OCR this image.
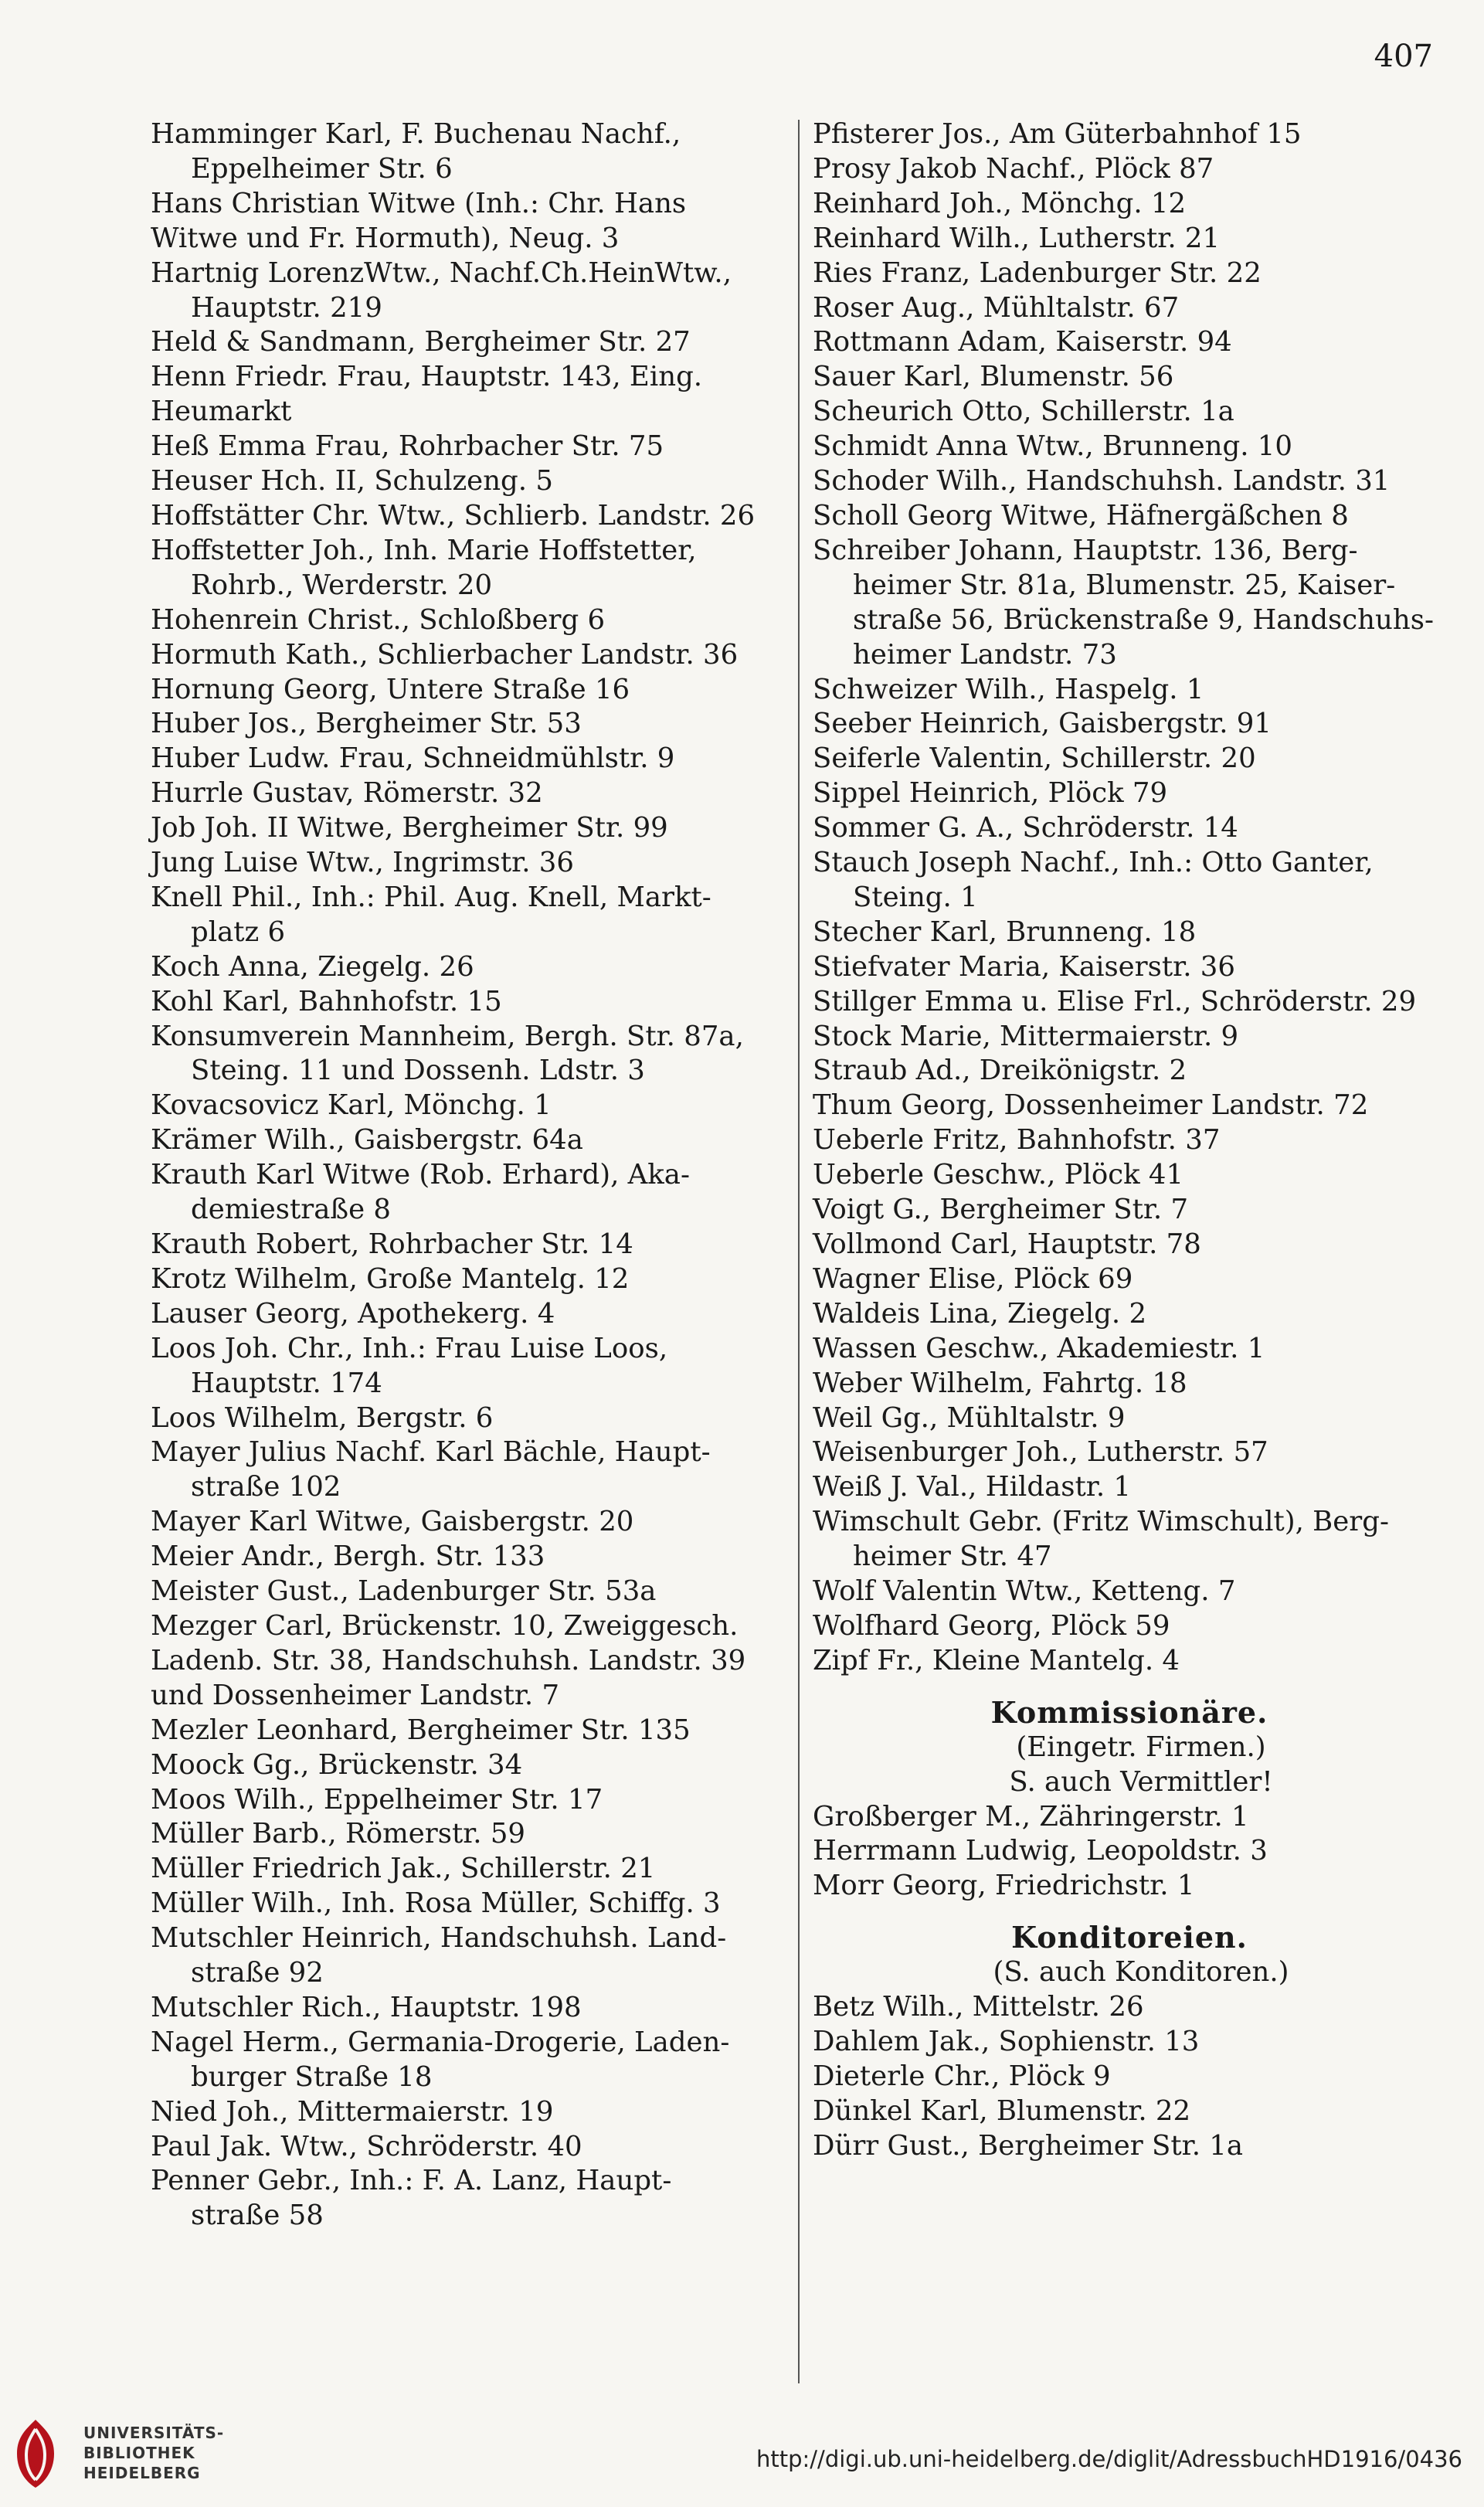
407
Hamminger Karl, F. Buchenau Nachf.,
Eppelheimer Str. 6
Hans Christian Witwe (Inh.: Chr. Hans
Witwe und Fr. Hormuth), Neug. 3
Hartnig LorenzWtw., Nachf.Ch.HeinWtw.,
Hauptstr. 219
Held & Sandmann, Bergheimer Str. 27
Henn Friedr. Frau, Hauptstr. 143, Eing.
Heumarkt
Heß Emma Frau, Rohrbacher Str. 75
Heuser Hch. II, Schulzeng. 5
Hoffstätter Chr. Wtw., Schlierb. Landstr. 26
Hoffstetter Joh., Inh. Marie Hoffstetter,
Rohrb., Werderstr. 20
Hohenrein Christ., Schloßberg 6
Hormuth Kath., Schlierbacher Landstr. 36
Hornung Georg, Untere Straße 16
Huber Jos., Bergheimer Str. 53
Huber Ludw. Frau, Schneidmühlstr. 9
Hurrle Gustav, Römerstr. 32
Job Joh. II Witwe, Bergheimer Str. 99
Jung Luise Wtw., Ingrimstr. 36
Knell Phil., Inh.: Phil. Aug. Knell, Markt-
platz 6
Koch Anna, Ziegelg. 26
Kohl Karl, Bahnhofstr. 15
Konsumverein Mannheim, Bergh. Str. 87a,
Steing. 11 und Dossenh. Ldstr. 3
Kovacsovicz Karl, Mönchg. 1
Krämer Wilh., Gaisbergstr. 64a
Krauth Karl Witwe (Rob. Erhard), Aka-
demiestraße 8
Krauth Robert, Rohrbacher Str. 14
Krotz Wilhelm, Große Mantelg. 12
Lauser Georg, Apothekerg. 4
Loos Joh. Chr., Inh.: Frau Luise Loos,
Hauptstr. 174
Loos Wilhelm, Bergstr. 6
Mayer Julius Nachf. Karl Bächle, Haupt-
straße 102
Mayer Karl Witwe, Gaisbergstr. 20
Meier Andr., Bergh. Str. 133
Meister Gust., Ladenburger Str. 53a
Mezger Carl, Brückenstr. 10, Zweiggesch.
Ladenb. Str. 38, Handschuhsh. Landstr. 39
und Dossenheimer Landstr. 7
Mezler Leonhard, Bergheimer Str. 135
Moock Gg., Brückenstr. 34
Moos Wilh., Eppelheimer Str. 17
Müller Barb., Römerstr. 59
Müller Friedrich Jak., Schillerstr. 21
Müller Wilh., Inh. Rosa Müller, Schiffg. 3
Mutschler Heinrich, Handschuhsh. Land-
straße 92
Mutschler Rich., Hauptstr. 198
Nagel Herm., Germania-Drogerie, Laden-
burger Straße 18
Nied Joh., Mittermaierstr. 19
Paul Jak. Wtw., Schröderstr. 40
Penner Gebr., Inh.: F. A. Lanz, Haupt-
straße 58
Pfisterer Jos., Am Güterbahnhof 15
Prosy Jakob Nachf., Plöck 87
Reinhard Joh., Mönchg. 12
Reinhard Wilh., Lutherstr. 21
Ries Franz, Ladenburger Str. 22
Roser Aug., Mühltalstr. 67
Rottmann Adam, Kaiserstr. 94
Sauer Karl, Blumenstr. 56
Scheurich Otto, Schillerstr. 1a
Schmidt Anna Wtw., Brunneng. 10
Schoder Wilh., Handschuhsh. Landstr. 31
Scholl Georg Witwe, Häfnergäßchen 8
Schreiber Johann, Hauptstr. 136, Berg-
heimer Str. 81a, Blumenstr. 25, Kaiser-
straße 56, Brückenstraße 9, Handschuhs-
heimer Landstr. 73
Schweizer Wilh., Haspelg. 1
Seeber Heinrich, Gaisbergstr. 91
Seiferle Valentin, Schillerstr. 20
Sippel Heinrich, Plöck 79
Sommer G. A., Schröderstr. 14
Stauch Joseph Nachf., Inh.: Otto Ganter,
Steing. 1
Stecher Karl, Brunneng. 18
Stiefvater Maria, Kaiserstr. 36
Stillger Emma u. Elise Frl., Schröderstr. 29
Stock Marie, Mittermaierstr. 9
Straub Ad., Dreikönigstr. 2
Thum Georg, Dossenheimer Landstr. 72
Ueberle Fritz, Bahnhofstr. 37
Ueberle Geschw., Plöck 41
Voigt G., Bergheimer Str. 7
Vollmond Carl, Hauptstr. 78
Wagner Elise, Plöck 69
Waldeis Lina, Ziegelg. 2
Wassen Geschw., Akademiestr. 1
Weber Wilhelm, Fahrtg. 18
Weil Gg., Mühltalstr. 9
Weisenburger Joh., Lutherstr. 57
Weiß J. Val., Hildastr. 1
Wimschult Gebr. (Fritz Wimschult), Berg-
heimer Str. 47
Wolf Valentin Wtw., Ketteng. 7
Wolfhard Georg, Plöck 59
Zipf Fr., Kleine Mantelg. 4
Kommissionäre.
(Eingetr. Firmen.)
S. auch Vermittler!
Großberger M., Zähringerstr. 1
Herrmann Ludwig, Leopoldstr. 3
Morr Georg, Friedrichstr. 1
Konditoreien.
(S. auch Konditoren.)
Betz Wilh., Mittelstr. 26
Dahlem Jak., Sophienstr. 13
Dieterle Chr., Plöck 9
Dünkel Karl, Blumenstr. 22
Dürr Gust., Bergheimer Str. 1a
UNIVERSITÄTS-
BIBLIOTHEK
HEIDELBERG
http://digi.ub.uni-heidelberg.de/diglit/AdressbuchHD1916/0436
